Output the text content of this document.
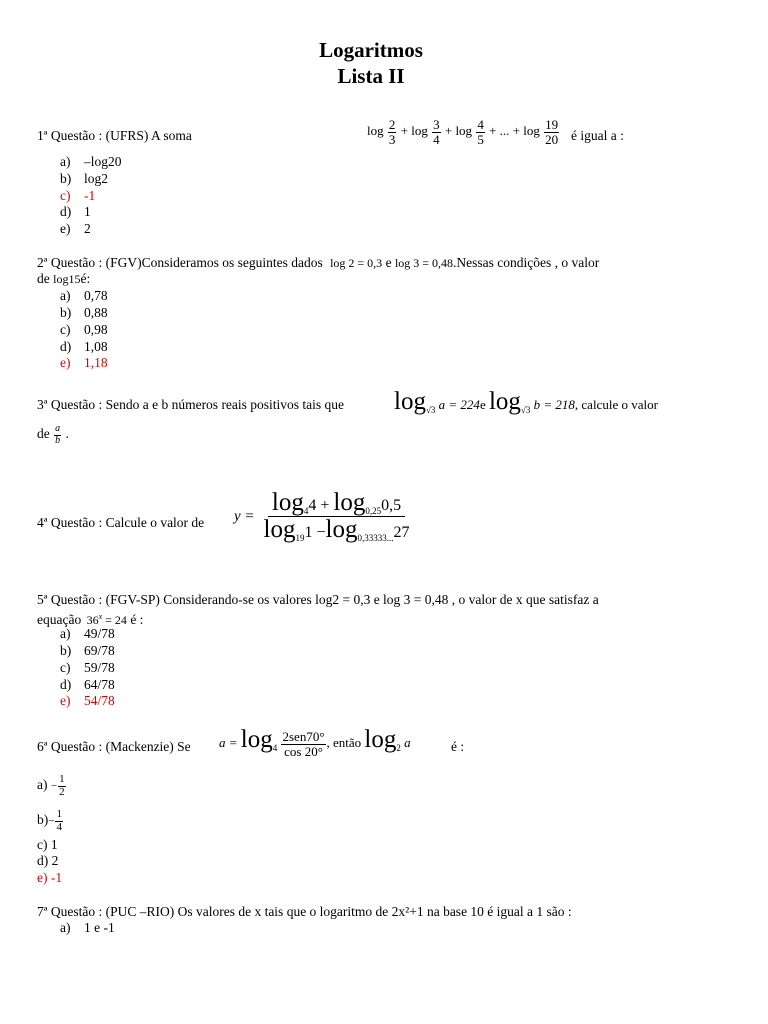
Logaritmos
Lista II
1ª Questão : (UFRS) A soma	$\log \frac{2}{3} + \log \frac{3}{4} + \log \frac{4}{5}$ + ... + $\log \frac{19}{20}$ é igual a :
a) –log20
b) log2
c) -1
d) 1
e) 2
2ª Questão : (FGV)Consideramos os seguintes dados log 2 = 0,3 e log 3 = 0,48.Nessas condições , o valor
de log15é:
a) 0,78
b) 0,88
c) 0,98
d) 1,08
e) 1,18
3ª Questão : Sendo a e b números reais positivos tais que $\log_{√3} a = 224e$ $\log_{√3} b = 218$, calcule o valor
de $\frac{a}{b}$ .
4ª Questão : Calcule o valor de $y = \frac{\log_44 + \log_{0,25}0,5}{\log_{19}1 -\log_{0,33333...}27}$
5ª Questão : (FGV-SP) Considerando-se os valores log2 = 0,3 e log 3 = 0,48 , o valor de x que satisfaz a
equação $36^x = 24$ é :
a) 49/78
b) 69/78
c) 59/78
d) 64/78
e) 54/78
6ª Questão : (Mackenzie) Se $a = \log_4 \frac{\text{2sen70°}}{\cos 20^\circ}$ , então $\log_2 a$	é :
$a) - \frac{1}{2}$
$b)- \frac{1}{4}$
c) 1
d) 2
e) -1
7ª Questão : (PUC –RIO) Os valores de x tais que o logaritmo de 2x²+1 na base 10 é igual a 1 são :
a) 1 e -1
